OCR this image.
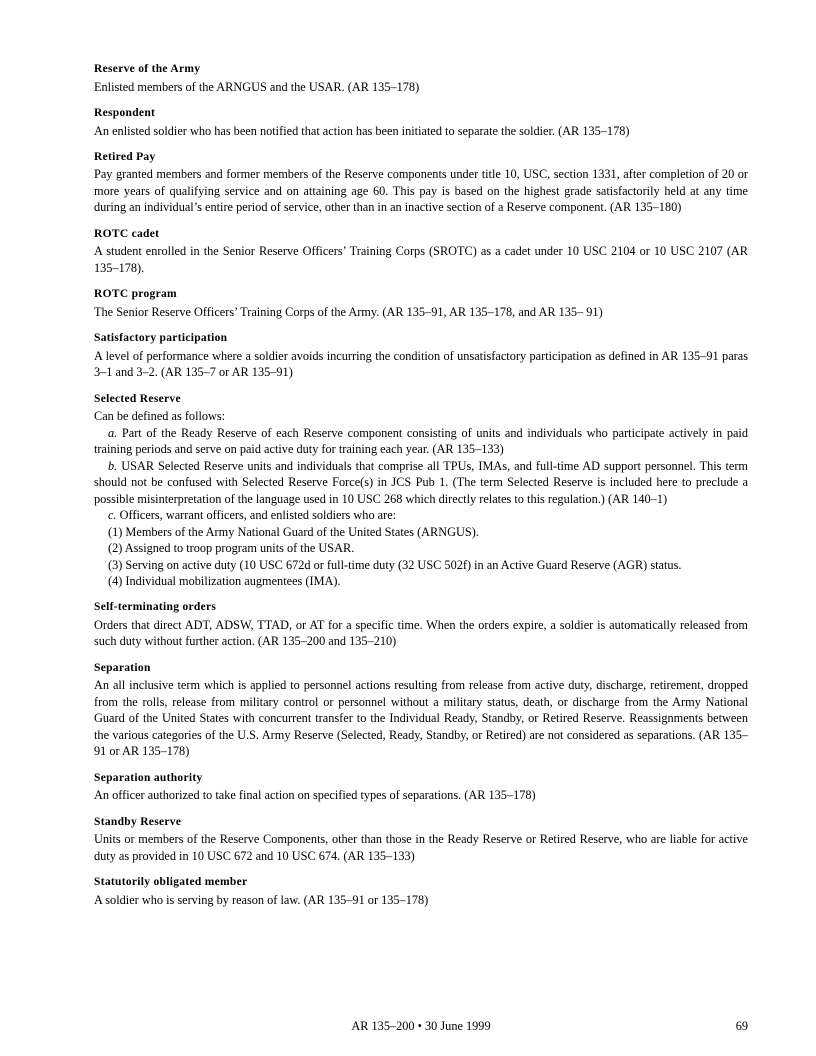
Reserve of the Army

Enlisted members of the ARNGUS and the USAR. (AR 135–178)

Respondent

An enlisted soldier who has been notified that action has been initiated to separate the soldier. (AR 135–178)

Retired Pay

Pay granted members and former members of the Reserve components under title 10, USC, section 1331, after completion of 20 or more years of qualifying service and on attaining age 60. This pay is based on the highest grade satisfactorily held at any time during an individual’s entire period of service, other than in an inactive section of a Reserve component. (AR 135–180)

ROTC cadet

A student enrolled in the Senior Reserve Officers’ Training Corps (SROTC) as a cadet under 10 USC 2104 or 10 USC 2107 (AR 135–178).

ROTC program

The Senior Reserve Officers’ Training Corps of the Army. (AR 135–91, AR 135–178, and AR 135– 91)

Satisfactory participation

A level of performance where a soldier avoids incurring the condition of unsatisfactory participation as defined in AR 135–91 paras 3–1 and 3–2. (AR 135–7 or AR 135–91)

Selected Reserve

Can be defined as follows:

a. Part of the Ready Reserve of each Reserve component consisting of units and individuals who participate actively in paid training periods and serve on paid active duty for training each year. (AR 135–133)

b. USAR Selected Reserve units and individuals that comprise all TPUs, IMAs, and full-time AD support personnel. This term should not be confused with Selected Reserve Force(s) in JCS Pub 1. (The term Selected Reserve is included here to preclude a possible misinterpretation of the language used in 10 USC 268 which directly relates to this regulation.) (AR 140–1)

c. Officers, warrant officers, and enlisted soldiers who are:

(1) Members of the Army National Guard of the United States (ARNGUS).

(2) Assigned to troop program units of the USAR.

(3) Serving on active duty (10 USC 672d or full-time duty (32 USC 502f) in an Active Guard Reserve (AGR) status.

(4) Individual mobilization augmentees (IMA).

Self-terminating orders

Orders that direct ADT, ADSW, TTAD, or AT for a specific time. When the orders expire, a soldier is automatically released from such duty without further action. (AR 135–200 and 135–210)

Separation

An all inclusive term which is applied to personnel actions resulting from release from active duty, discharge, retirement, dropped from the rolls, release from military control or personnel without a military status, death, or discharge from the Army National Guard of the United States with concurrent transfer to the Individual Ready, Standby, or Retired Reserve. Reassignments between the various categories of the U.S. Army Reserve (Selected, Ready, Standby, or Retired) are not considered as separations. (AR 135–91 or AR 135–178)

Separation authority

An officer authorized to take final action on specified types of separations. (AR 135–178)

Standby Reserve

Units or members of the Reserve Components, other than those in the Ready Reserve or Retired Reserve, who are liable for active duty as provided in 10 USC 672 and 10 USC 674. (AR 135–133)

Statutorily obligated member

A soldier who is serving by reason of law. (AR 135–91 or 135–178)

AR 135–200 • 30 June 1999	69
